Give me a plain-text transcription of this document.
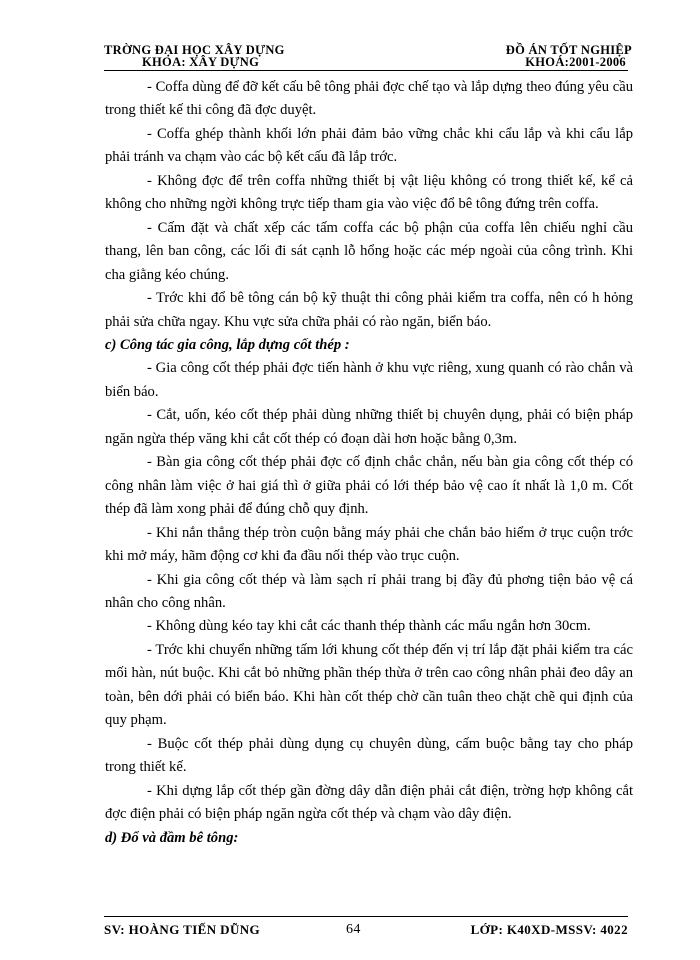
TRỜNG ĐẠI HỌC XÂY DỰNG
KHOA: XÂY DỰNG
ĐỒ ÁN TỐT NGHIỆP
KHOÁ:2001-2006

- Coffa dùng để đỡ kết cấu bê tông phải đợc chế tạo và lắp dựng theo đúng yêu cầu trong thiết kế thi công đã đợc duyệt.

- Coffa ghép thành khối lớn phải đảm bảo vững chắc khi cẩu lắp và khi cẩu lắp phải tránh va chạm vào các bộ kết cấu đã lắp trớc.

- Không đợc để trên coffa những thiết bị vật liệu không có trong thiết kế, kể cả không cho những ngời không trực tiếp tham gia vào việc đổ bê tông đứng trên coffa.

- Cấm đặt và chất xếp các tấm coffa các bộ phận của coffa lên chiếu nghỉ cầu thang, lên ban công, các lối đi sát cạnh lỗ hổng hoặc các mép ngoài của công trình. Khi cha giằng kéo chúng.

- Trớc khi đổ bê tông cán bộ kỹ thuật thi công phải kiểm tra coffa, nên có h hỏng phải sửa chữa ngay. Khu vực sửa chữa phải có rào ngăn, biển báo.

c) Công tác gia công, lắp dựng cốt thép :

- Gia công cốt thép phải đợc tiến hành ở khu vực riêng, xung quanh có rào chắn và biển báo.

- Cắt, uốn, kéo cốt thép phải dùng những thiết bị chuyên dụng, phải có biện pháp ngăn ngừa thép văng khi cắt cốt thép có đoạn dài hơn hoặc bằng 0,3m.

- Bàn gia công cốt thép phải đợc cố định chắc chắn, nếu bàn gia công cốt thép có công nhân làm việc ở hai giá thì ở giữa phải có lới thép bảo vệ cao ít nhất là 1,0 m. Cốt thép đã làm xong phải để đúng chỗ quy định.

- Khi nắn thẳng thép tròn cuộn bằng máy phải che chắn bảo hiểm ở trục cuộn trớc khi mở máy, hãm động cơ khi đa đầu nối thép vào trục cuộn.

- Khi gia công cốt thép và làm sạch rỉ phải trang bị đầy đủ phơng tiện bảo vệ cá nhân cho công nhân.

- Không dùng kéo tay khi cắt các thanh thép thành các mẩu ngắn hơn 30cm.

- Trớc khi chuyển những tấm lới khung cốt thép đến vị trí lắp đặt phải kiểm tra các mối hàn, nút buộc. Khi cắt bỏ những phần thép thừa ở trên cao công nhân phải đeo dây an toàn, bên dới phải có biển báo. Khi hàn cốt thép chờ cần tuân theo chặt chẽ qui định của quy phạm.

- Buộc cốt thép phải dùng dụng cụ chuyên dùng, cấm buộc bằng tay cho pháp trong thiết kế.

- Khi dựng lắp cốt thép gần đờng dây dẫn điện phải cắt điện, trờng hợp không cắt đợc điện phải có biện pháp ngăn ngừa cốt thép và chạm vào dây điện.

d) Đổ và đầm bê tông:

SV: HOÀNG TIẾN DŨNG	64	LỚP: K40XD-MSSV: 4022
